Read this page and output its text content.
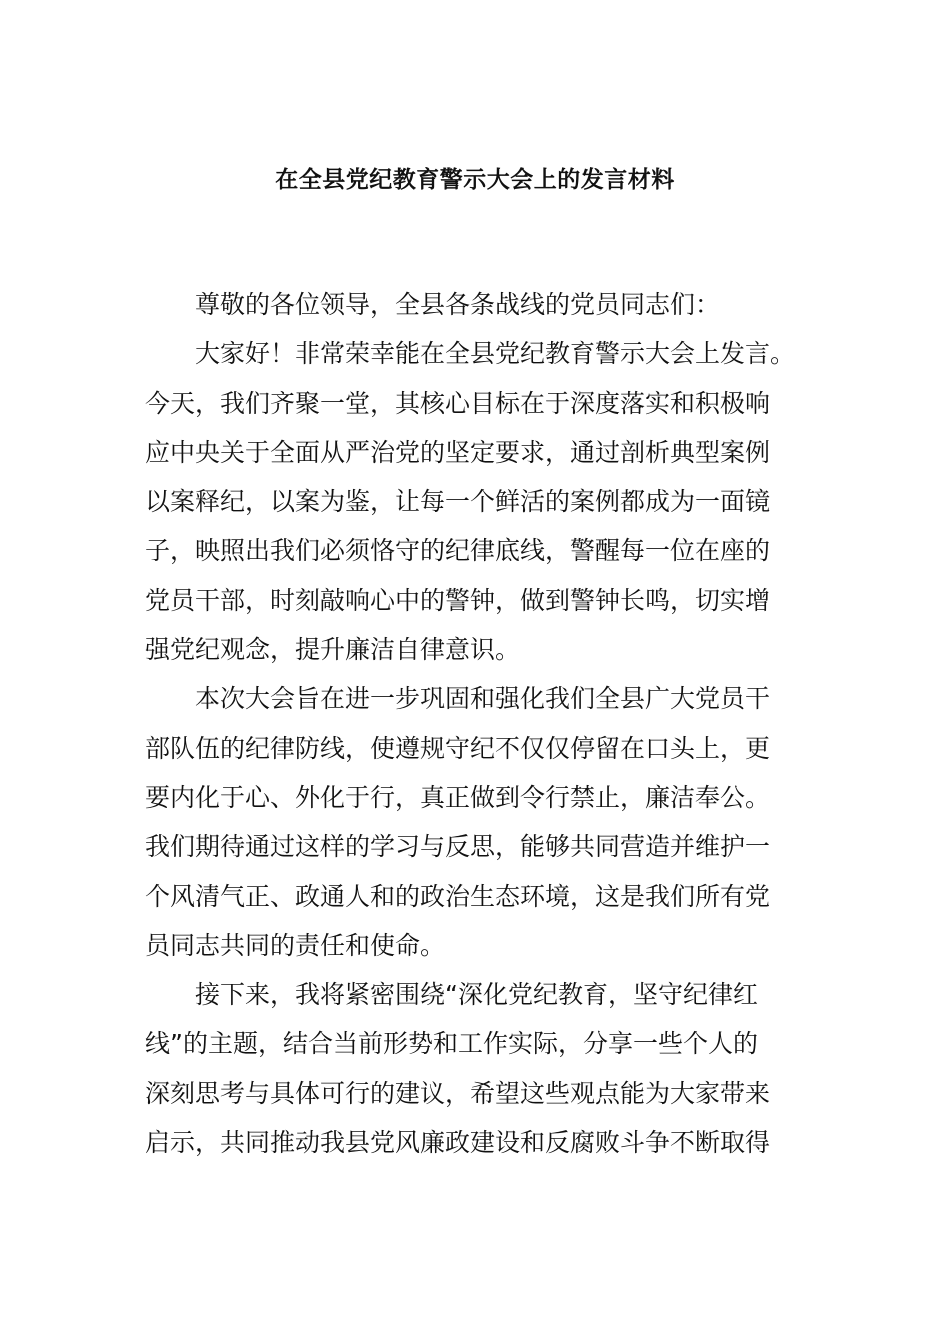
在全县党纪教育警示大会上的发言材料
尊敬的各位领导，全县各条战线的党员同志们：
大家好！非常荣幸能在全县党纪教育警示大会上发言。
今天，我们齐聚一堂，其核心目标在于深度落实和积极响
应中央关于全面从严治党的坚定要求，通过剖析典型案例
以案释纪，以案为鉴，让每一个鲜活的案例都成为一面镜
子，映照出我们必须恪守的纪律底线，警醒每一位在座的
党员干部，时刻敲响心中的警钟，做到警钟长鸣，切实增
强党纪观念，提升廉洁自律意识。
本次大会旨在进一步巩固和强化我们全县广大党员干
部队伍的纪律防线，使遵规守纪不仅仅停留在口头上，更
要内化于心、外化于行，真正做到令行禁止，廉洁奉公。
我们期待通过这样的学习与反思，能够共同营造并维护一
个风清气正、政通人和的政治生态环境，这是我们所有党
员同志共同的责任和使命。
接下来，我将紧密围绕“深化党纪教育，坚守纪律红
线”的主题，结合当前形势和工作实际，分享一些个人的
深刻思考与具体可行的建议，希望这些观点能为大家带来
启示，共同推动我县党风廉政建设和反腐败斗争不断取得
